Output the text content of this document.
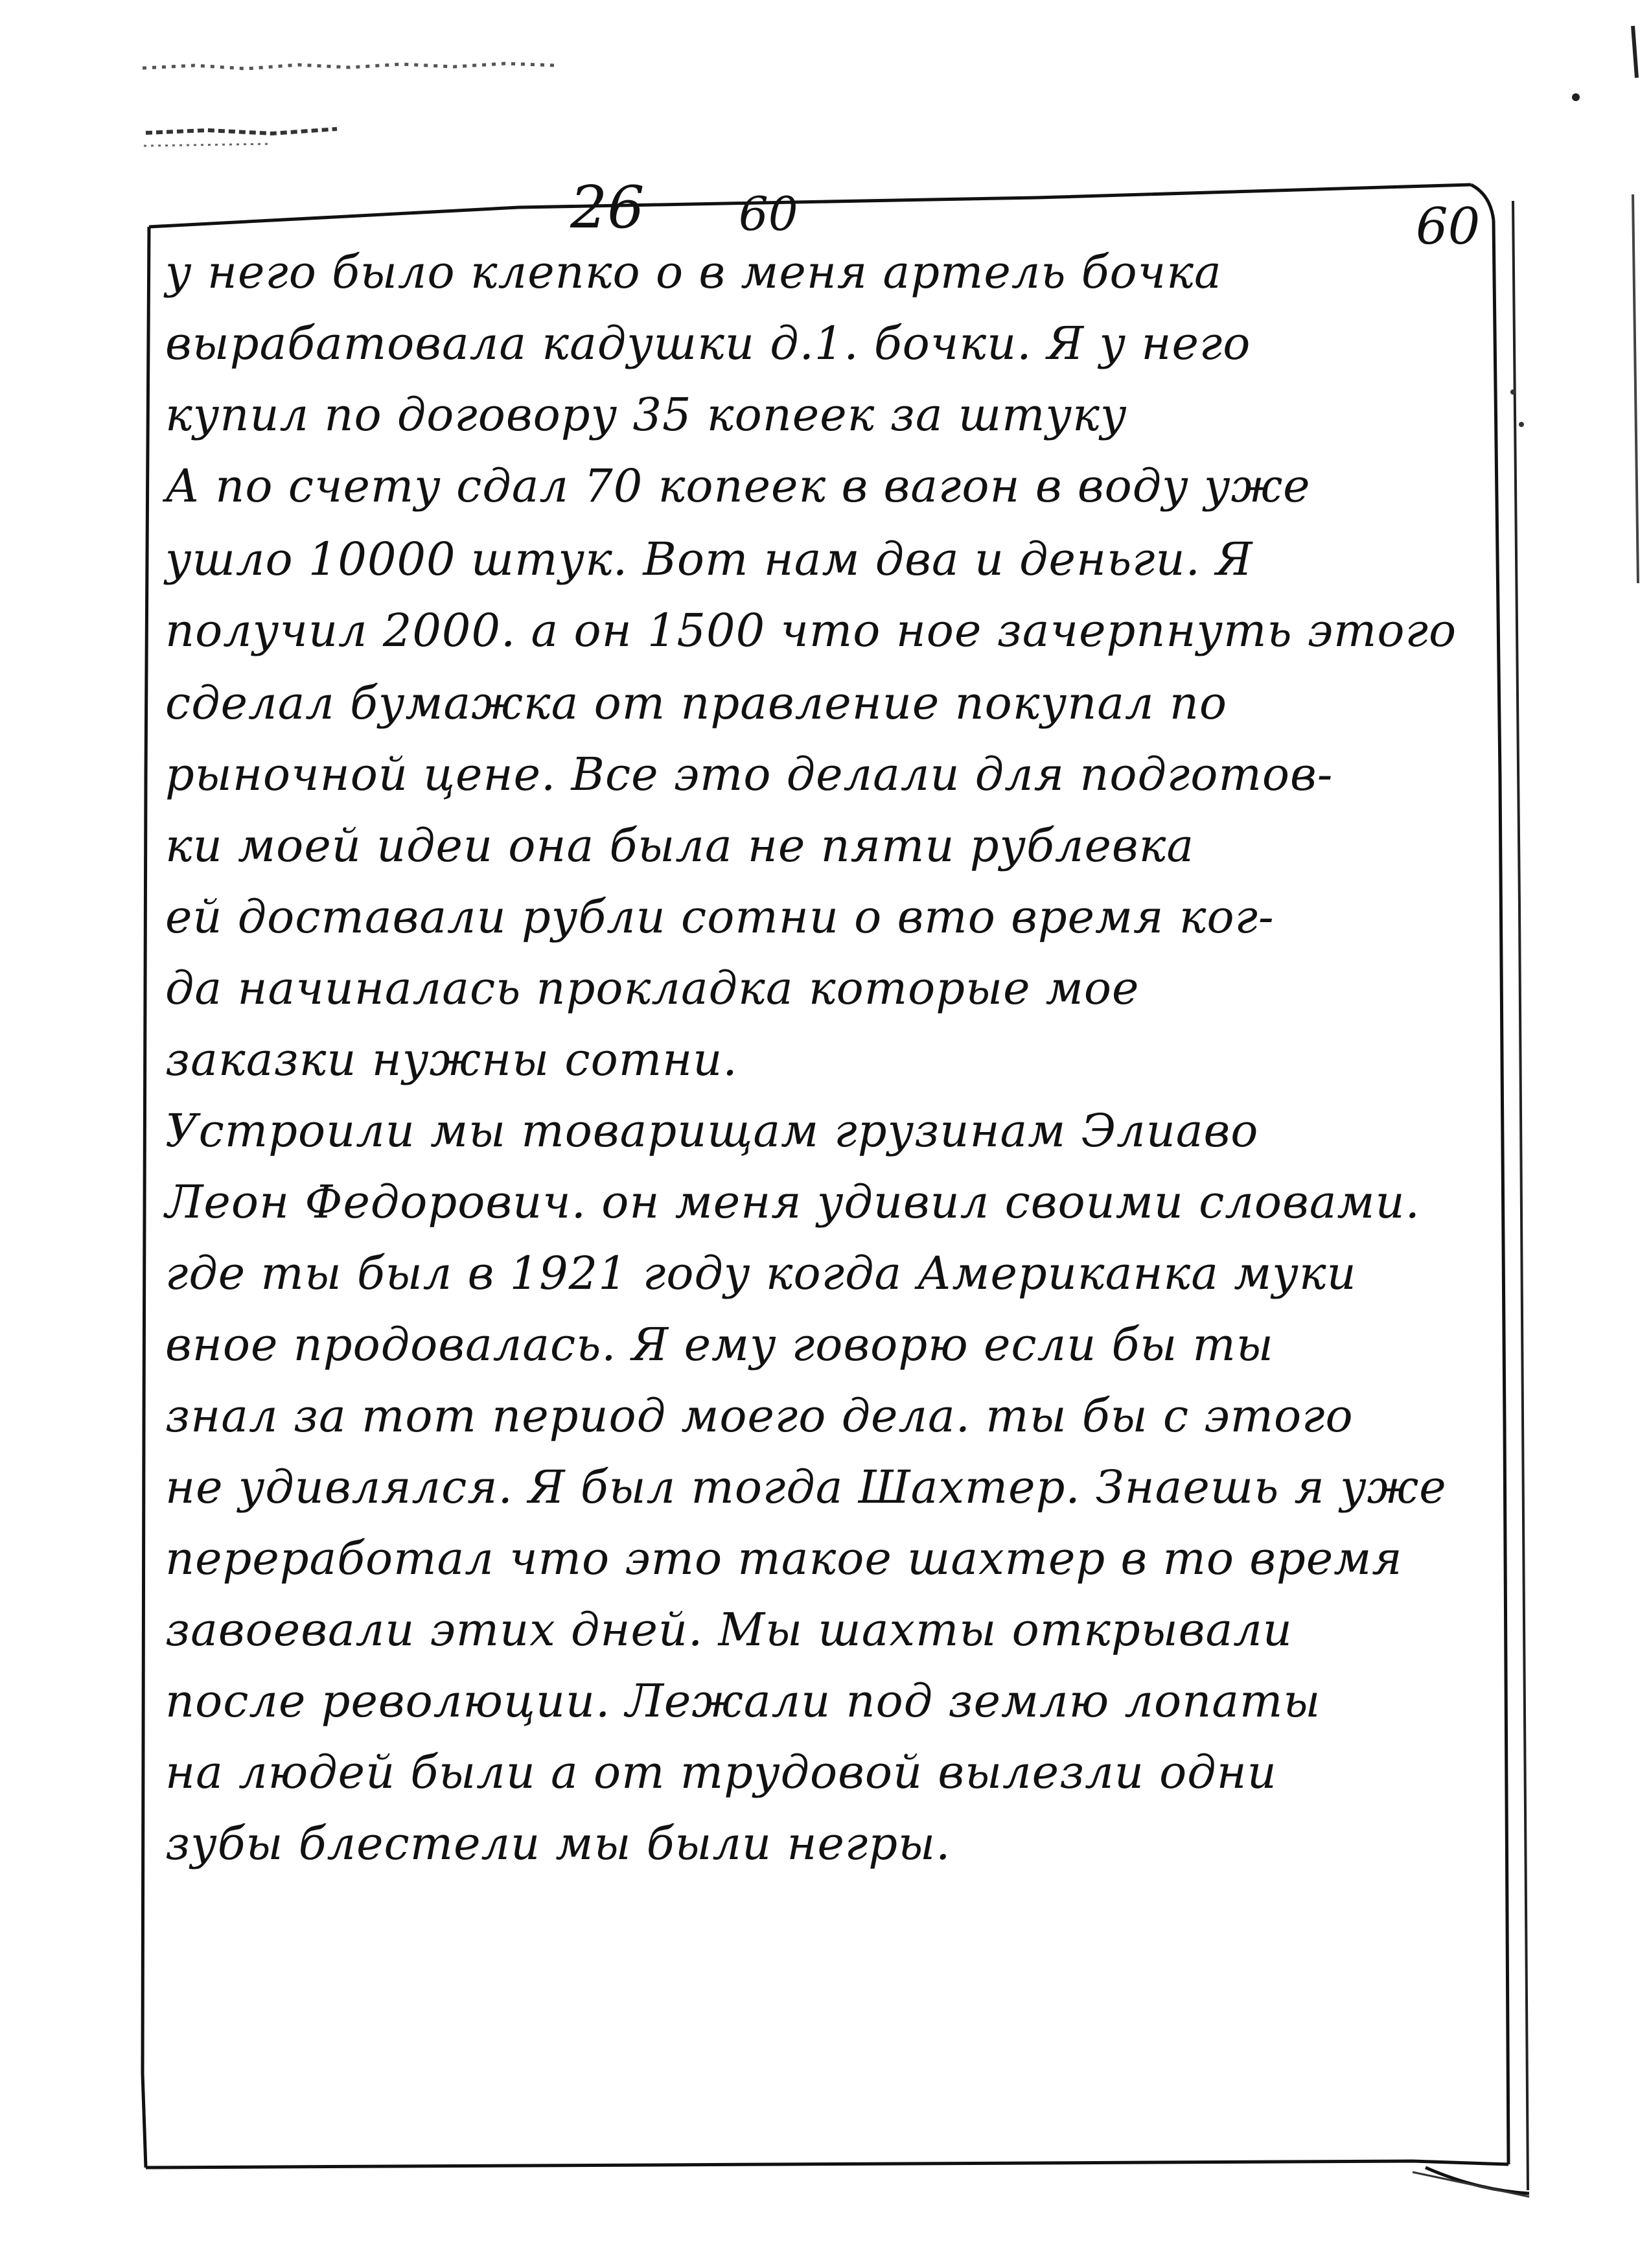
26 60	60
у него было клепко о в меня артель бочка
вырабатовала кадушки д.1. бочки. Я у него
купил по договору 35 копеек за штуку
А по счету сдал 70 копеек в вагон в воду уже
ушло 10000 штук. Вот нам два и деньги. Я
получил 2000. а он 1500 что ное зачерпнуть этого
сделал бумажка от правление покупал по
рыночной цене. Все это делали для подготов-
ки моей идеи она была не пяти рублевка
ей доставали рубли сотни о вто время ког-
да начиналась прокладка которые мое
заказки нужны сотни.
Устроили мы товарищам грузинам Элиаво
Леон Федорович. он меня удивил своими словами.
где ты был в 1921 году когда Американка муки
вное продовалась. Я ему говорю если бы ты
знал за тот период моего дела. ты бы с этого
не удивлялся. Я был тогда Шахтер. Знаешь я уже
переработал что это такое шахтер в то время
завоевали этих дней. Мы шахты открывали
после революции. Лежали под землю лопаты
на людей были а от трудовой вылезли одни
зубы блестели мы были негры.
